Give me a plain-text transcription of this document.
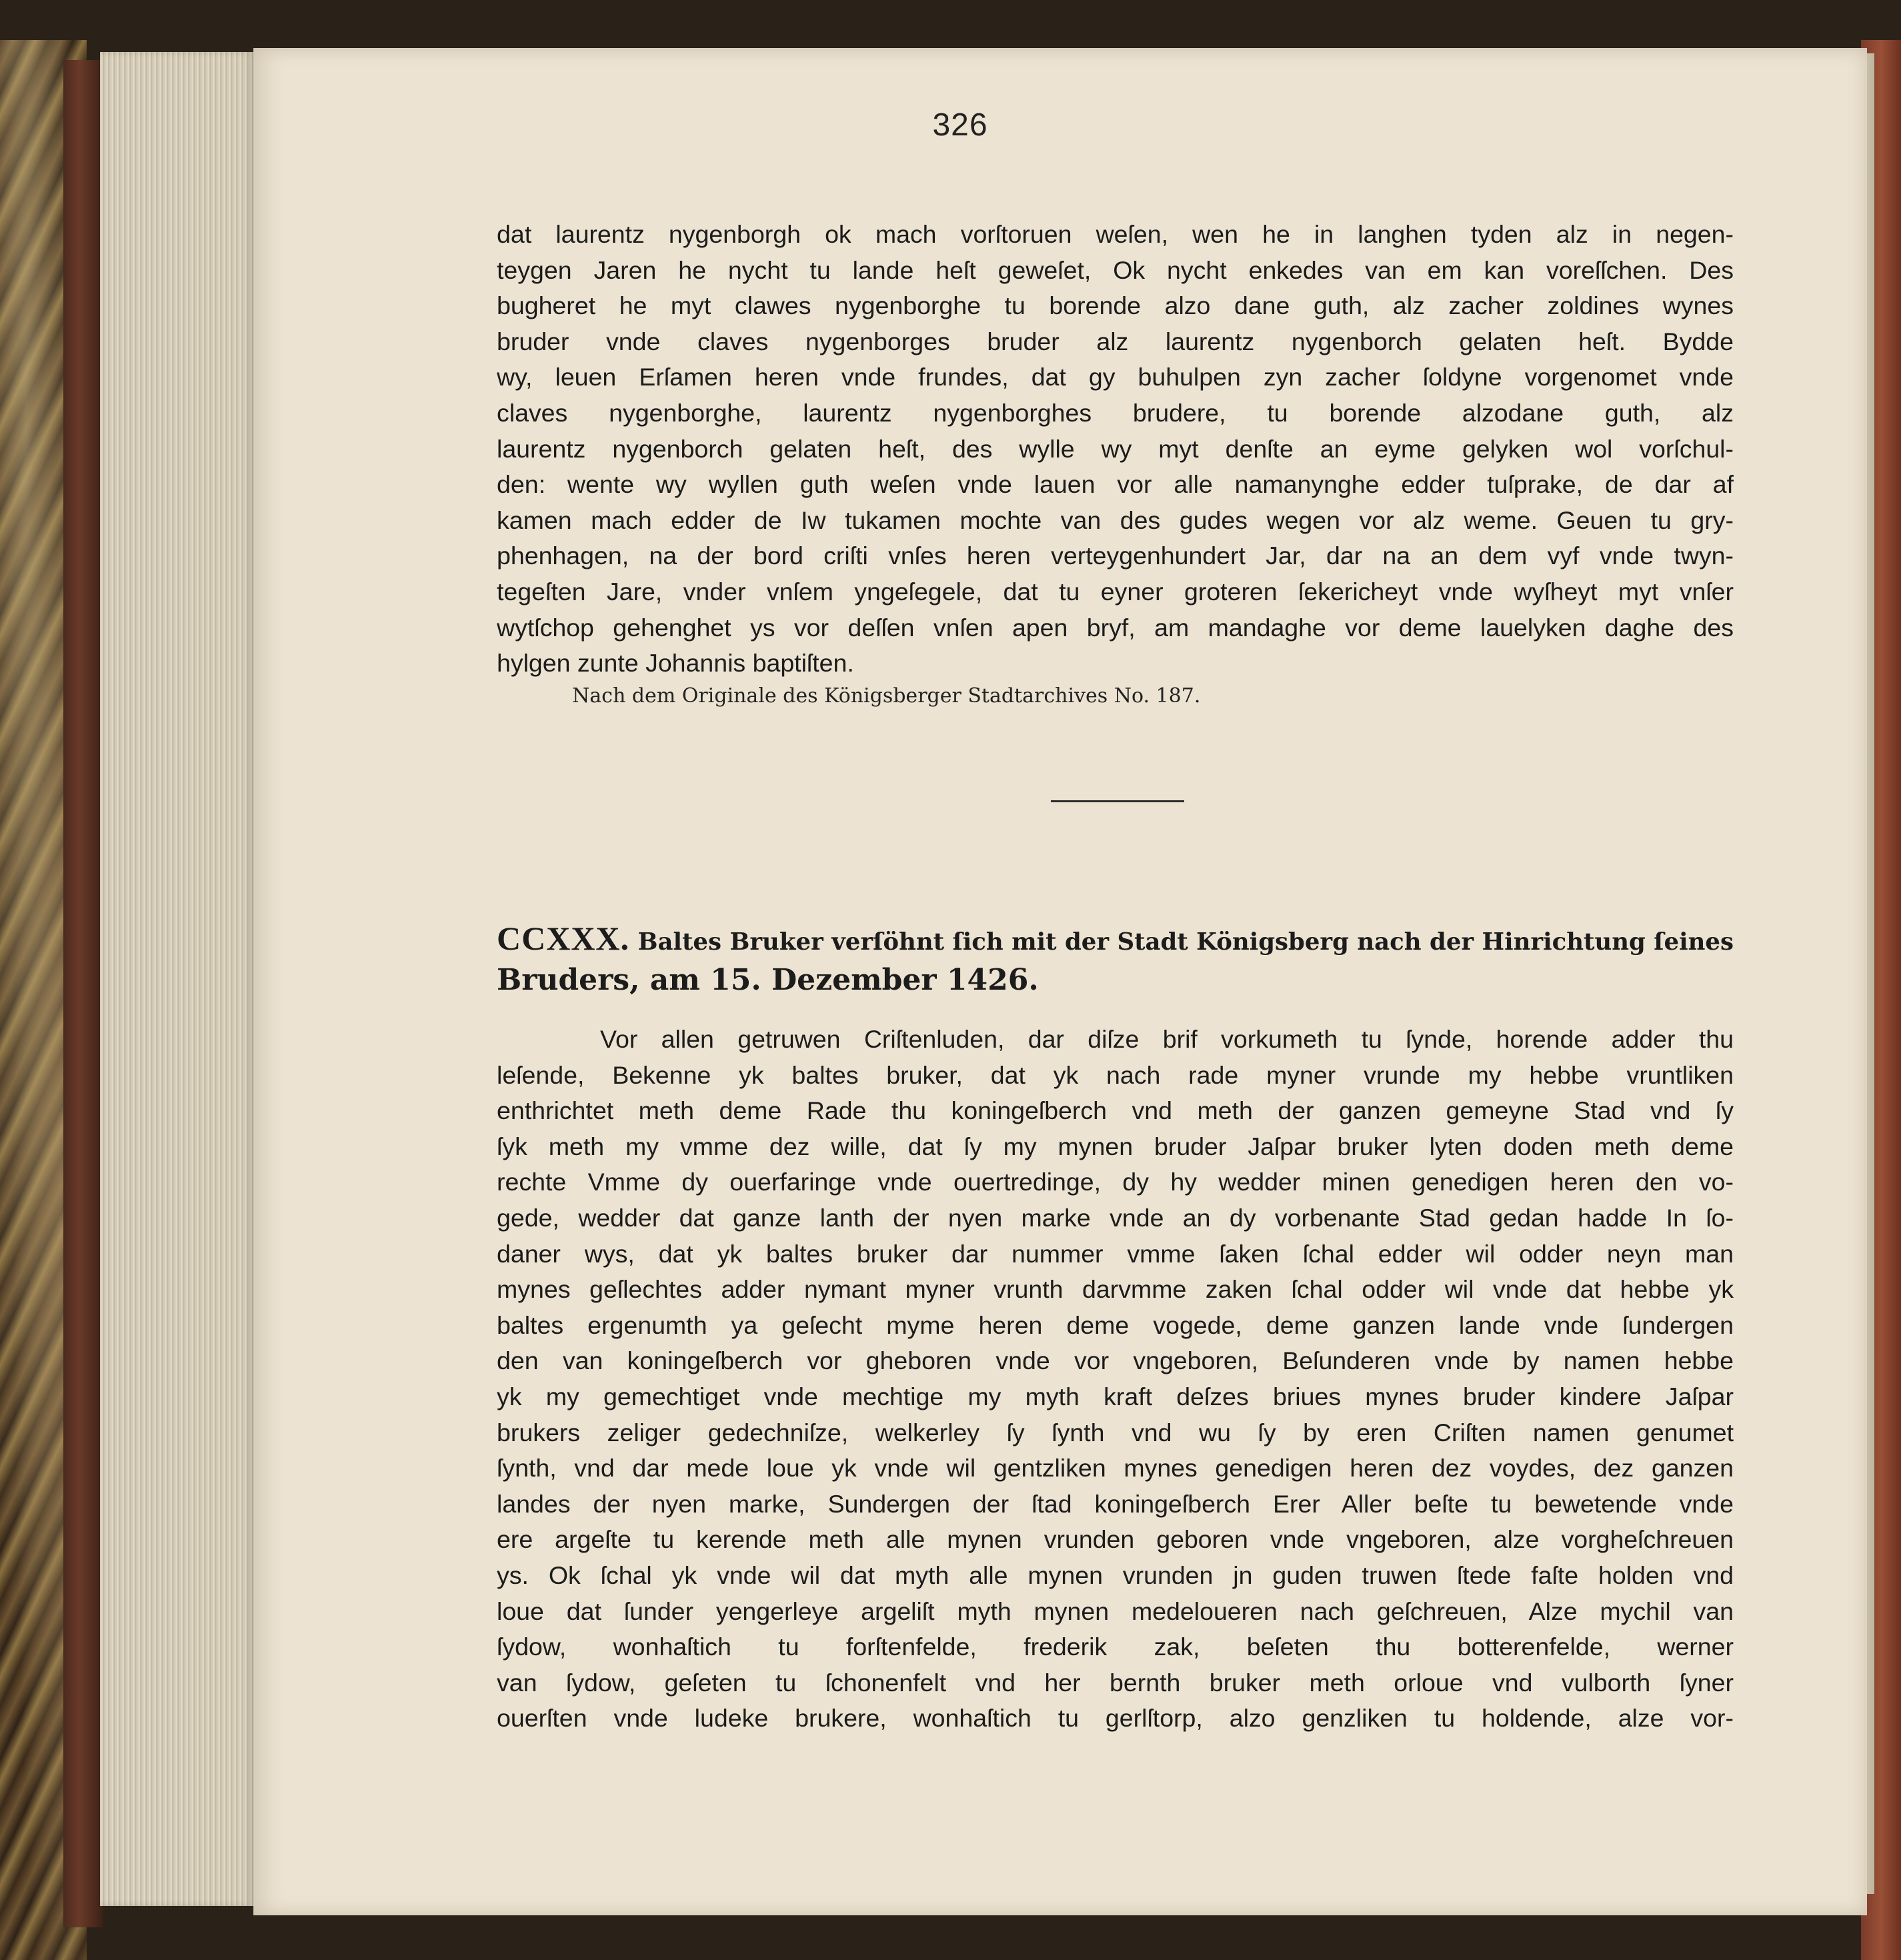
326
dat laurentz nygenborgh ok mach vorſtoruen weſen, wen he in langhen tyden alz in negen-
teygen Jaren he nycht tu lande heſt geweſet, Ok nycht enkedes van em kan voreſſchen. Des
bugheret he myt clawes nygenborghe tu borende alzo dane guth, alz zacher zoldines wynes
bruder vnde claves nygenborges bruder alz laurentz nygenborch gelaten heſt. Bydde
wy, leuen Erſamen heren vnde frundes, dat gy buhulpen zyn zacher ſoldyne vorgenomet vnde
claves nygenborghe, laurentz nygenborghes brudere, tu borende alzodane guth, alz
laurentz nygenborch gelaten heſt, des wylle wy myt denſte an eyme gelyken wol vorſchul-
den: wente wy wyllen guth weſen vnde lauen vor alle namanynghe edder tuſprake, de dar af
kamen mach edder de Iw tukamen mochte van des gudes wegen vor alz weme. Geuen tu gry-
phenhagen, na der bord criſti vnſes heren verteygenhundert Jar, dar na an dem vyf vnde twyn-
tegeſten Jare, vnder vnſem yngeſegele, dat tu eyner groteren ſekericheyt vnde wyſheyt myt vnſer
wytſchop gehenghet ys vor deſſen vnſen apen bryf, am mandaghe vor deme lauelyken daghe des
hylgen zunte Johannis baptiſten.
Nach dem Originale des Königsberger Stadtarchives No. 187.
CCXXX. Baltes Bruker verſöhnt ſich mit der Stadt Königsberg nach der Hinrichtung ſeines
Bruders, am 15. Dezember 1426.
Vor allen getruwen Criſtenluden, dar diſze brif vorkumeth tu ſynde, horende adder thu
leſende, Bekenne yk baltes bruker, dat yk nach rade myner vrunde my hebbe vruntliken
enthrichtet meth deme Rade thu koningeſberch vnd meth der ganzen gemeyne Stad vnd ſy
ſyk meth my vmme dez wille, dat ſy my mynen bruder Jaſpar bruker lyten doden meth deme
rechte Vmme dy ouerfaringe vnde ouertredinge, dy hy wedder minen genedigen heren den vo-
gede, wedder dat ganze lanth der nyen marke vnde an dy vorbenante Stad gedan hadde In ſo-
daner wys, dat yk baltes bruker dar nummer vmme ſaken ſchal edder wil odder neyn man
mynes geſlechtes adder nymant myner vrunth darvmme zaken ſchal odder wil vnde dat hebbe yk
baltes ergenumth ya geſecht myme heren deme vogede, deme ganzen lande vnde ſundergen
den van koningeſberch vor gheboren vnde vor vngeboren, Beſunderen vnde by namen hebbe
yk my gemechtiget vnde mechtige my myth kraft deſzes briues mynes bruder kindere Jaſpar
brukers zeliger gedechniſze, welkerley ſy ſynth vnd wu ſy by eren Criſten namen genumet
ſynth, vnd dar mede loue yk vnde wil gentzliken mynes genedigen heren dez voydes, dez ganzen
landes der nyen marke, Sundergen der ſtad koningeſberch Erer Aller beſte tu bewetende vnde
ere argeſte tu kerende meth alle mynen vrunden geboren vnde vngeboren, alze vorgheſchreuen
ys. Ok ſchal yk vnde wil dat myth alle mynen vrunden jn guden truwen ſtede faſte holden vnd
loue dat ſunder yengerleye argeliſt myth mynen medeloueren nach geſchreuen, Alze mychil van
ſydow, wonhaſtich tu forſtenfelde, frederik zak, beſeten thu botterenfelde, werner
van ſydow, geſeten tu ſchonenfelt vnd her bernth bruker meth orloue vnd vulborth ſyner
ouerſten vnde ludeke brukere, wonhaſtich tu gerlſtorp, alzo genzliken tu holdende, alze vor-
